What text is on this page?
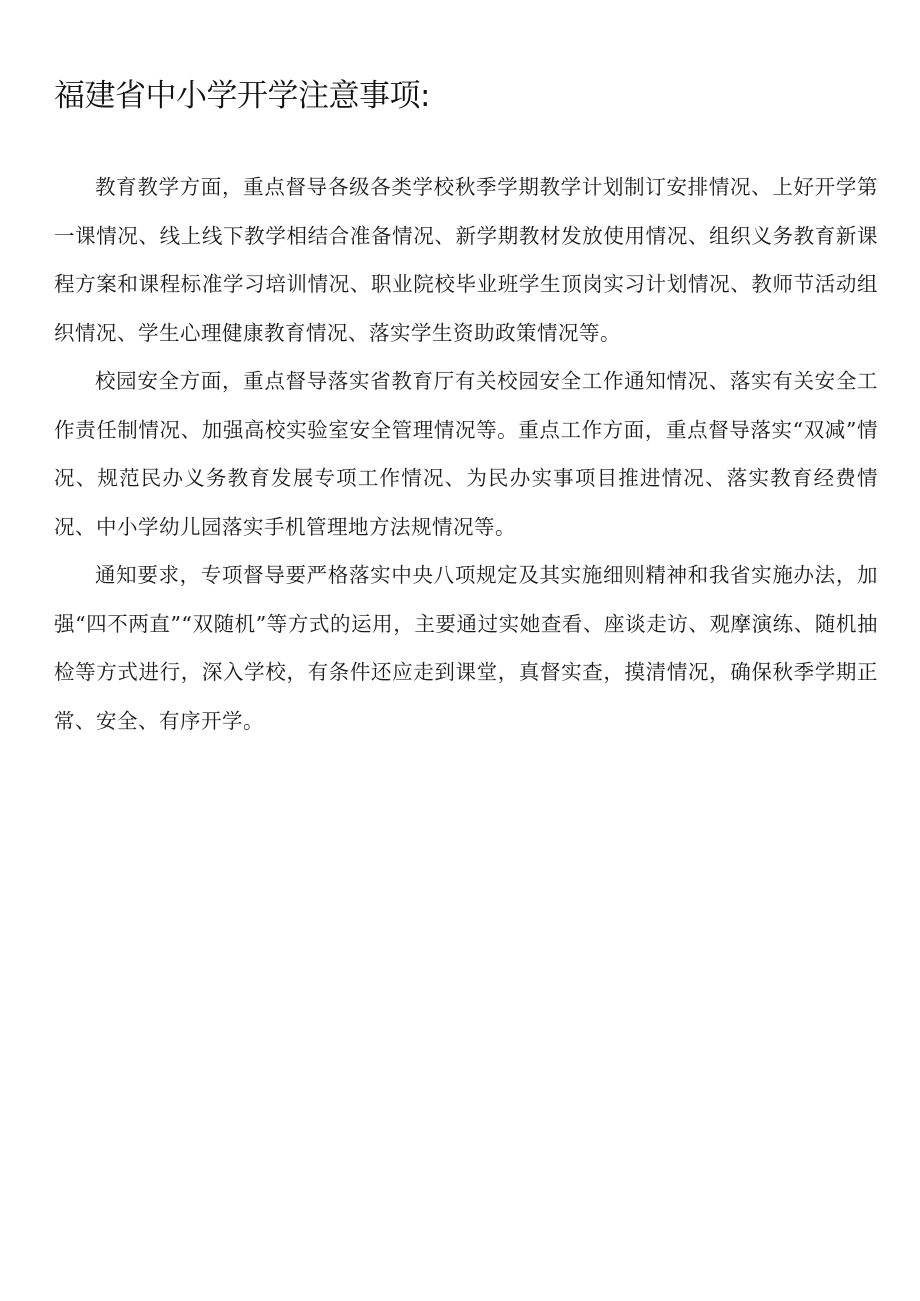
福建省中小学开学注意事项:

教育教学方面，重点督导各级各类学校秋季学期教学计划制订安排情况、上好开学第一课情况、线上线下教学相结合准备情况、新学期教材发放使用情况、组织义务教育新课程方案和课程标准学习培训情况、职业院校毕业班学生顶岗实习计划情况、教师节活动组织情况、学生心理健康教育情况、落实学生资助政策情况等。

校园安全方面，重点督导落实省教育厅有关校园安全工作通知情况、落实有关安全工作责任制情况、加强高校实验室安全管理情况等。重点工作方面，重点督导落实“双减”情况、规范民办义务教育发展专项工作情况、为民办实事项目推进情况、落实教育经费情况、中小学幼儿园落实手机管理地方法规情况等。

通知要求，专项督导要严格落实中央八项规定及其实施细则精神和我省实施办法，加强“四不两直”“双随机”等方式的运用，主要通过实她查看、座谈走访、观摩演练、随机抽检等方式进行，深入学校，有条件还应走到课堂，真督实查，摸清情况，确保秋季学期正常、安全、有序开学。
